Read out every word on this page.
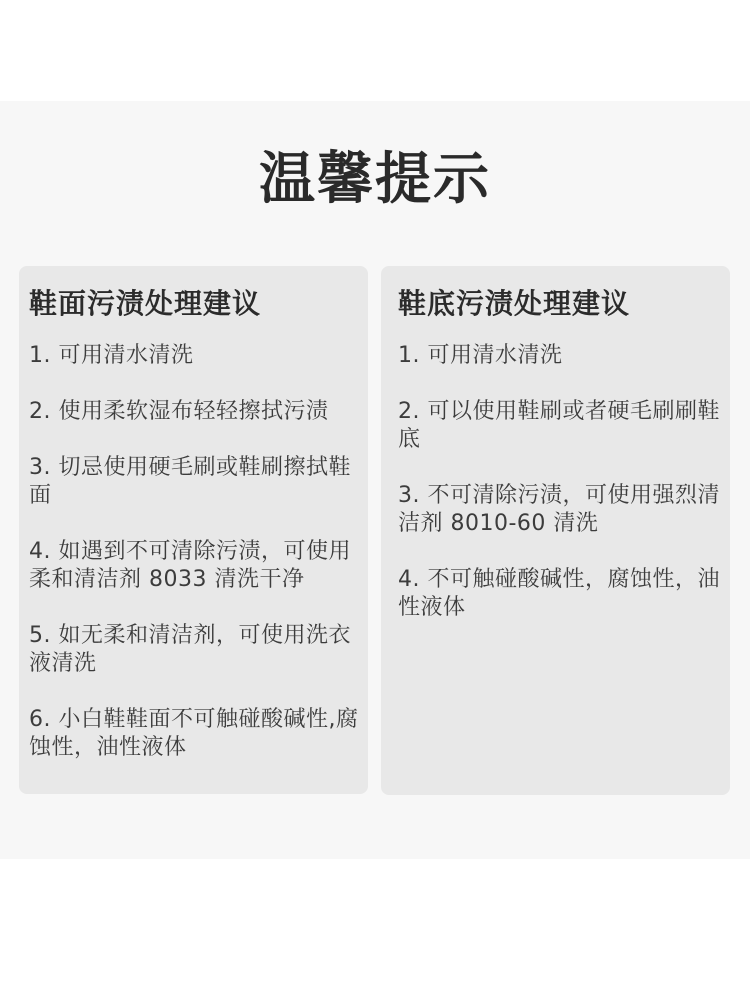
温馨提示
鞋面污渍处理建议
1. 可用清水清洗
2. 使用柔软湿布轻轻擦拭污渍
3. 切忌使用硬毛刷或鞋刷擦拭鞋面
4. 如遇到不可清除污渍，可使用柔和清洁剂 8033 清洗干净
5. 如无柔和清洁剂，可使用洗衣液清洗
6. 小白鞋鞋面不可触碰酸碱性,腐蚀性，油性液体
鞋底污渍处理建议
1. 可用清水清洗
2. 可以使用鞋刷或者硬毛刷刷鞋底
3. 不可清除污渍，可使用强烈清洁剂 8010-60 清洗
4. 不可触碰酸碱性，腐蚀性，油性液体
